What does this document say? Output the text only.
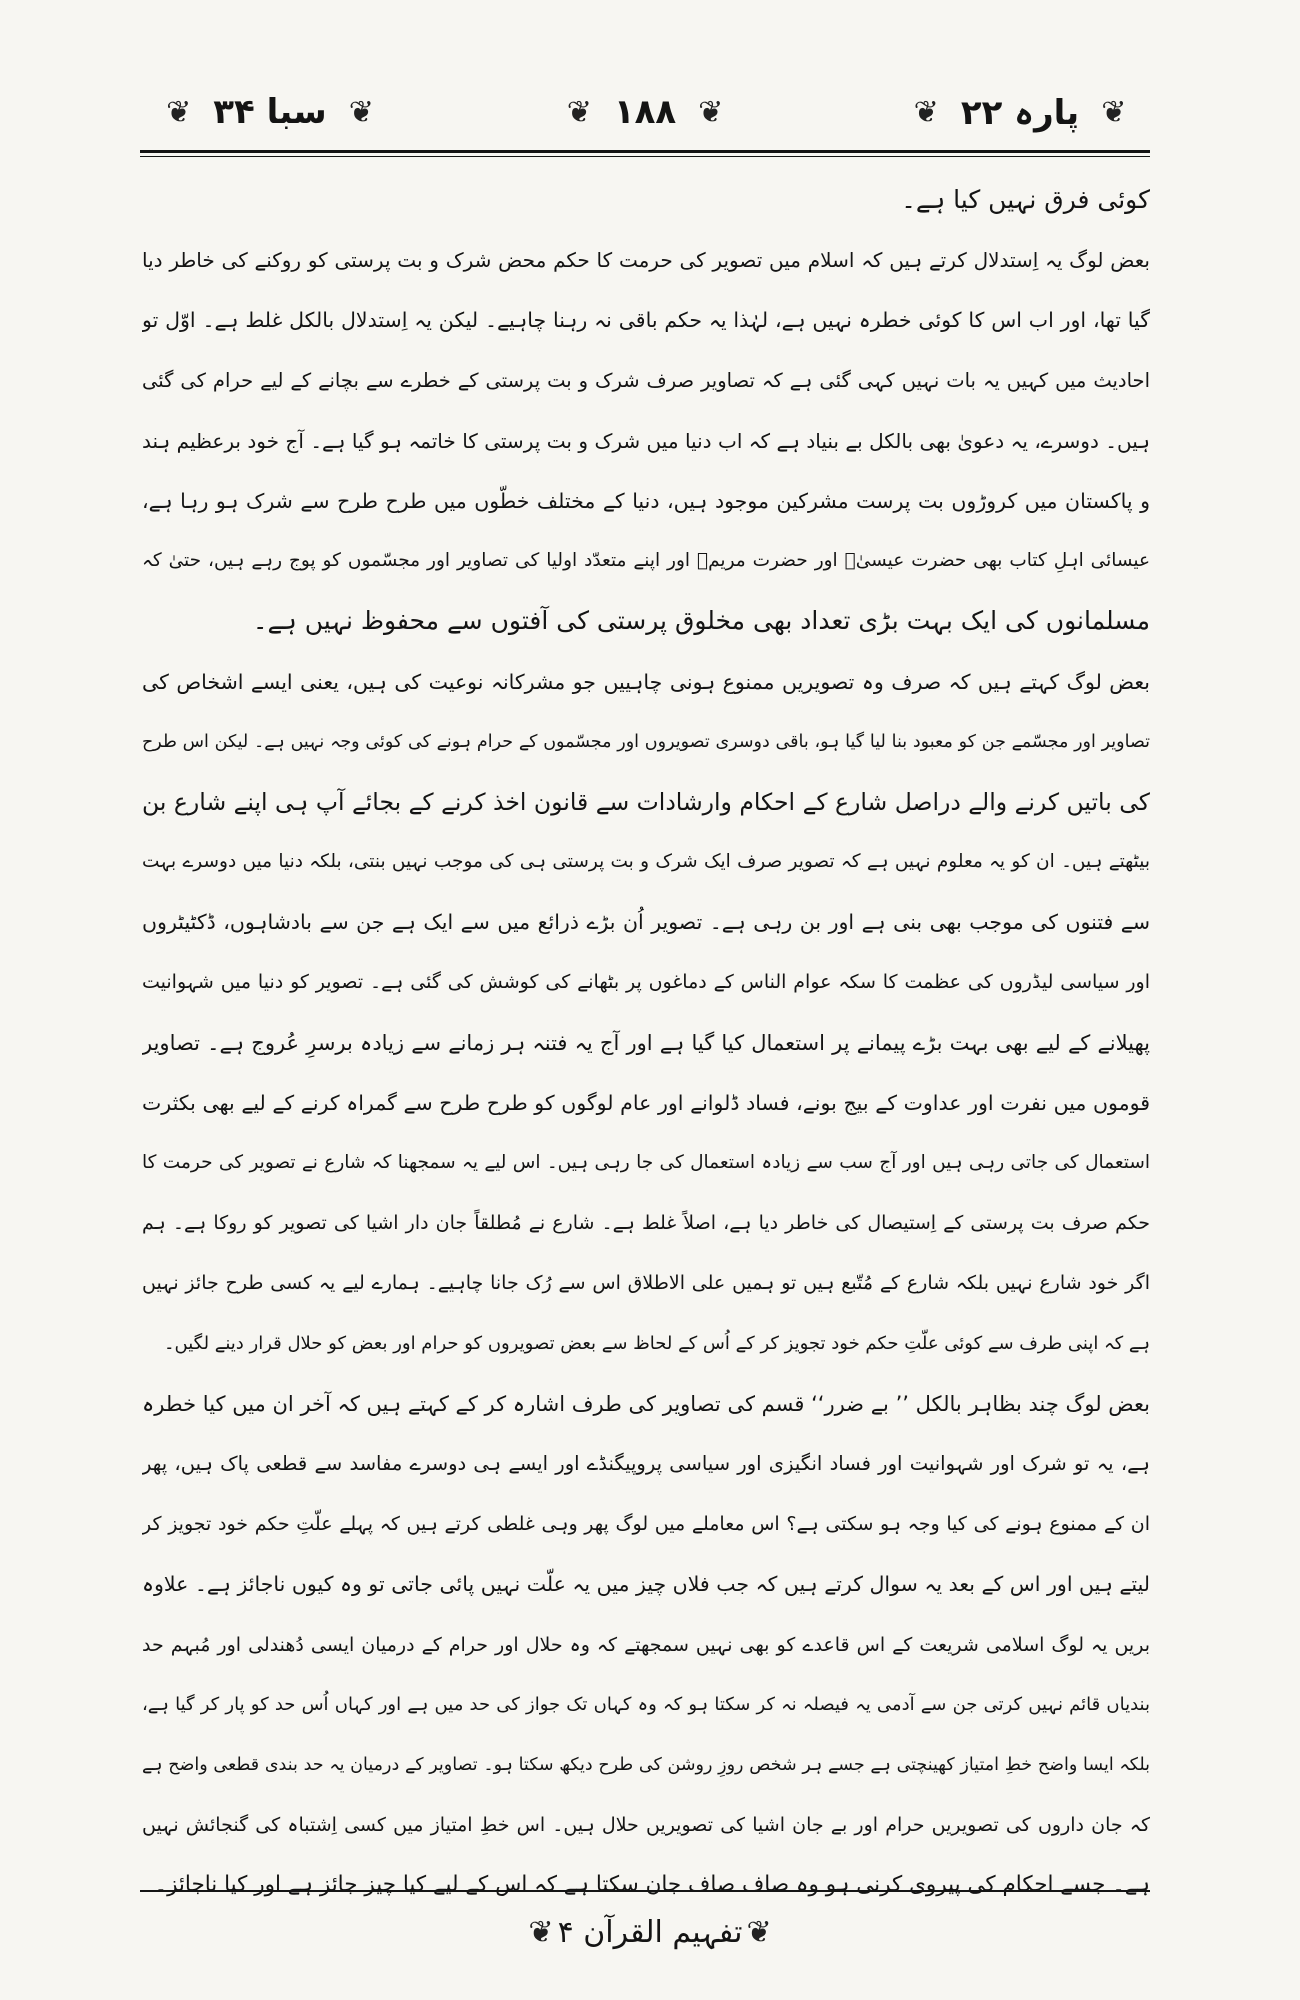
❦
پارہ ۲۲
❦
❦
۱۸۸
❦
❦
سبا ۳۴
❦

کوئی فرق نہیں کیا ہے۔

بعض لوگ یہ اِستدلال کرتے ہیں کہ اسلام میں تصویر کی حرمت کا حکم محض شرک و بت پرستی کو روکنے کی خاطر دیا
گیا تھا، اور اب اس کا کوئی خطرہ نہیں ہے، لہٰذا یہ حکم باقی نہ رہنا چاہیے۔ لیکن یہ اِستدلال بالکل غلط ہے۔ اوّل تو
احادیث میں کہیں یہ بات نہیں کہی گئی ہے کہ تصاویر صرف شرک و بت پرستی کے خطرے سے بچانے کے لیے حرام کی گئی
ہیں۔ دوسرے، یہ دعویٰ بھی بالکل بے بنیاد ہے کہ اب دنیا میں شرک و بت پرستی کا خاتمہ ہو گیا ہے۔ آج خود برعظیم ہند
و پاکستان میں کروڑوں بت پرست مشرکین موجود ہیں، دنیا کے مختلف خطّوں میں طرح طرح سے شرک ہو رہا ہے،
عیسائی اہلِ کتاب بھی حضرت عیسیٰؑ اور حضرت مریمؑ اور اپنے متعدّد اولیا کی تصاویر اور مجسّموں کو پوج رہے ہیں، حتیٰ کہ
مسلمانوں کی ایک بہت بڑی تعداد بھی مخلوق پرستی کی آفتوں سے محفوظ نہیں ہے۔

بعض لوگ کہتے ہیں کہ صرف وہ تصویریں ممنوع ہونی چاہییں جو مشرکانہ نوعیت کی ہیں، یعنی ایسے اشخاص کی
تصاویر اور مجسّمے جن کو معبود بنا لیا گیا ہو، باقی دوسری تصویروں اور مجسّموں کے حرام ہونے کی کوئی وجہ نہیں ہے۔ لیکن اس طرح
کی باتیں کرنے والے دراصل شارع کے احکام وارشادات سے قانون اخذ کرنے کے بجائے آپ ہی اپنے شارع بن
بیٹھتے ہیں۔ ان کو یہ معلوم نہیں ہے کہ تصویر صرف ایک شرک و بت پرستی ہی کی موجب نہیں بنتی، بلکہ دنیا میں دوسرے بہت
سے فتنوں کی موجب بھی بنی ہے اور بن رہی ہے۔ تصویر اُن بڑے ذرائع میں سے ایک ہے جن سے بادشاہوں، ڈکٹیٹروں
اور سیاسی لیڈروں کی عظمت کا سکہ عوام الناس کے دماغوں پر بٹھانے کی کوشش کی گئی ہے۔ تصویر کو دنیا میں شہوانیت
پھیلانے کے لیے بھی بہت بڑے پیمانے پر استعمال کیا گیا ہے اور آج یہ فتنہ ہر زمانے سے زیادہ برسرِ عُروج ہے۔ تصاویر
قوموں میں نفرت اور عداوت کے بیج بونے، فساد ڈلوانے اور عام لوگوں کو طرح طرح سے گمراہ کرنے کے لیے بھی بکثرت
استعمال کی جاتی رہی ہیں اور آج سب سے زیادہ استعمال کی جا رہی ہیں۔ اس لیے یہ سمجھنا کہ شارع نے تصویر کی حرمت کا
حکم صرف بت پرستی کے اِستیصال کی خاطر دیا ہے، اصلاً غلط ہے۔ شارع نے مُطلقاً جان دار اشیا کی تصویر کو روکا ہے۔ ہم
اگر خود شارع نہیں بلکہ شارع کے مُتّبع ہیں تو ہمیں علی الاطلاق اس سے رُک جانا چاہیے۔ ہمارے لیے یہ کسی طرح جائز نہیں
ہے کہ اپنی طرف سے کوئی علّتِ حکم خود تجویز کر کے اُس کے لحاظ سے بعض تصویروں کو حرام اور بعض کو حلال قرار دینے لگیں۔

بعض لوگ چند بظاہر بالکل ’’ بے ضرر‘‘ قسم کی تصاویر کی طرف اشارہ کر کے کہتے ہیں کہ آخر ان میں کیا خطرہ
ہے، یہ تو شرک اور شہوانیت اور فساد انگیزی اور سیاسی پروپیگنڈے اور ایسے ہی دوسرے مفاسد سے قطعی پاک ہیں، پھر
ان کے ممنوع ہونے کی کیا وجہ ہو سکتی ہے؟ اس معاملے میں لوگ پھر وہی غلطی کرتے ہیں کہ پہلے علّتِ حکم خود تجویز کر
لیتے ہیں اور اس کے بعد یہ سوال کرتے ہیں کہ جب فلاں چیز میں یہ علّت نہیں پائی جاتی تو وہ کیوں ناجائز ہے۔ علاوہ
بریں یہ لوگ اسلامی شریعت کے اس قاعدے کو بھی نہیں سمجھتے کہ وہ حلال اور حرام کے درمیان ایسی دُھندلی اور مُبہم حد
بندیاں قائم نہیں کرتی جن سے آدمی یہ فیصلہ نہ کر سکتا ہو کہ وہ کہاں تک جواز کی حد میں ہے اور کہاں اُس حد کو پار کر گیا ہے،
بلکہ ایسا واضح خطِ امتیاز کھینچتی ہے جسے ہر شخص روزِ روشن کی طرح دیکھ سکتا ہو۔ تصاویر کے درمیان یہ حد بندی قطعی واضح ہے
کہ جان داروں کی تصویریں حرام اور بے جان اشیا کی تصویریں حلال ہیں۔ اس خطِ امتیاز میں کسی اِشتباہ کی گنجائش نہیں
ہے۔ جسے احکام کی پیروی کرنی ہو وہ صاف صاف جان سکتا ہے کہ اس کے لیے کیا چیز جائز ہے اور کیا ناجائز۔

❦
تفہیم القرآن ۴
❦
